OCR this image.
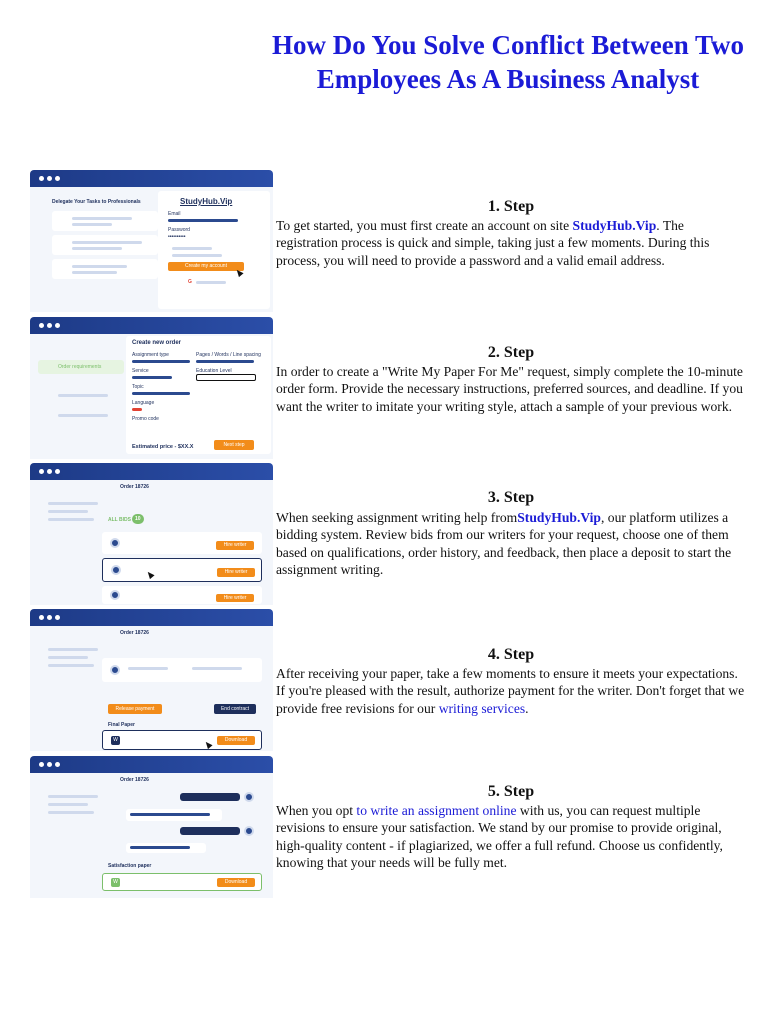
How Do You Solve Conflict Between Two Employees As A Business Analyst
Delegate Your Tasks to Professionals	StudyHub.Vip
Email
Password
••••••••••
Create my account
G
Order requirements
Create new order
Assignment type	Pages / Words / Line spacing
Service	Education Level
Topic
Language
Promo code
Estimated price - $XX.X	Next step
Order 18726
ALL BIDS 10
Hire writer
Hire writer
Hire writer
Order 18726
Release payment	End contract
Final Paper
W	Download
Order 18726
Satisfaction paper
W	Download
1. Step

To get started, you must first create an account on site StudyHub.Vip. The registration process is quick and simple, taking just a few moments. During this process, you will need to provide a password and a valid email address.

2. Step

In order to create a "Write My Paper For Me" request, simply complete the 10-minute order form. Provide the necessary instructions, preferred sources, and deadline. If you want the writer to imitate your writing style, attach a sample of your previous work.

3. Step

When seeking assignment writing help fromStudyHub.Vip, our platform utilizes a bidding system. Review bids from our writers for your request, choose one of them based on qualifications, order history, and feedback, then place a deposit to start the assignment writing.

4. Step

After receiving your paper, take a few moments to ensure it meets your expectations. If you're pleased with the result, authorize payment for the writer. Don't forget that we provide free revisions for our writing services.

5. Step

When you opt to write an assignment online with us, you can request multiple revisions to ensure your satisfaction. We stand by our promise to provide original, high-quality content - if plagiarized, we offer a full refund. Choose us confidently, knowing that your needs will be fully met.
